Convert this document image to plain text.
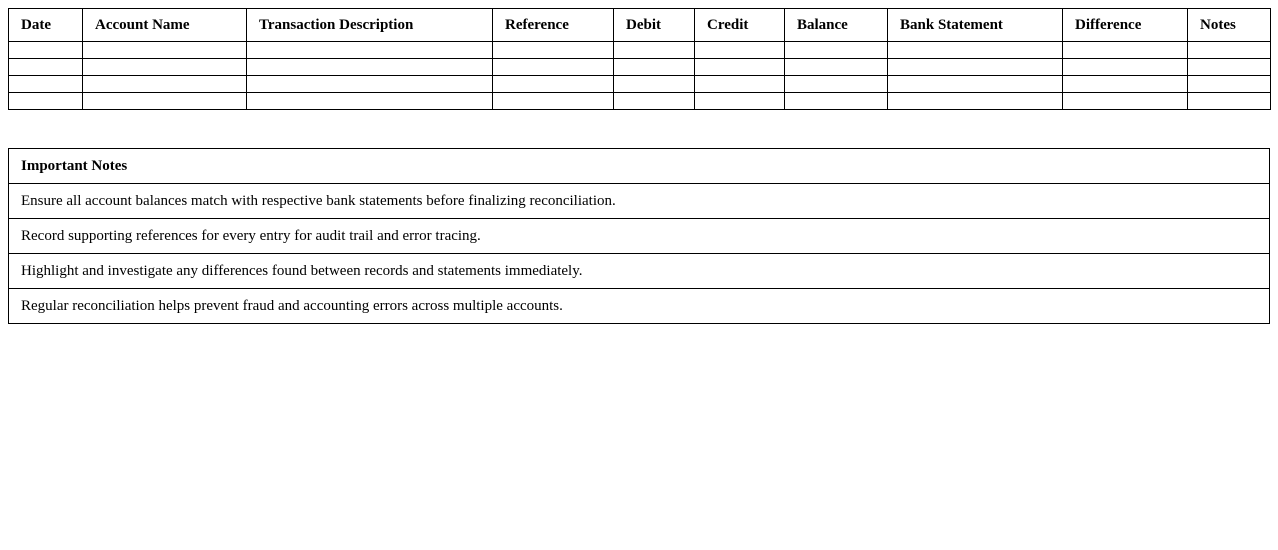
Date	Account Name	Transaction Description	Reference	Debit	Credit	Balance	Bank Statement	Difference	Notes

Important Notes
Ensure all account balances match with respective bank statements before finalizing reconciliation.
Record supporting references for every entry for audit trail and error tracing.
Highlight and investigate any differences found between records and statements immediately.
Regular reconciliation helps prevent fraud and accounting errors across multiple accounts.
